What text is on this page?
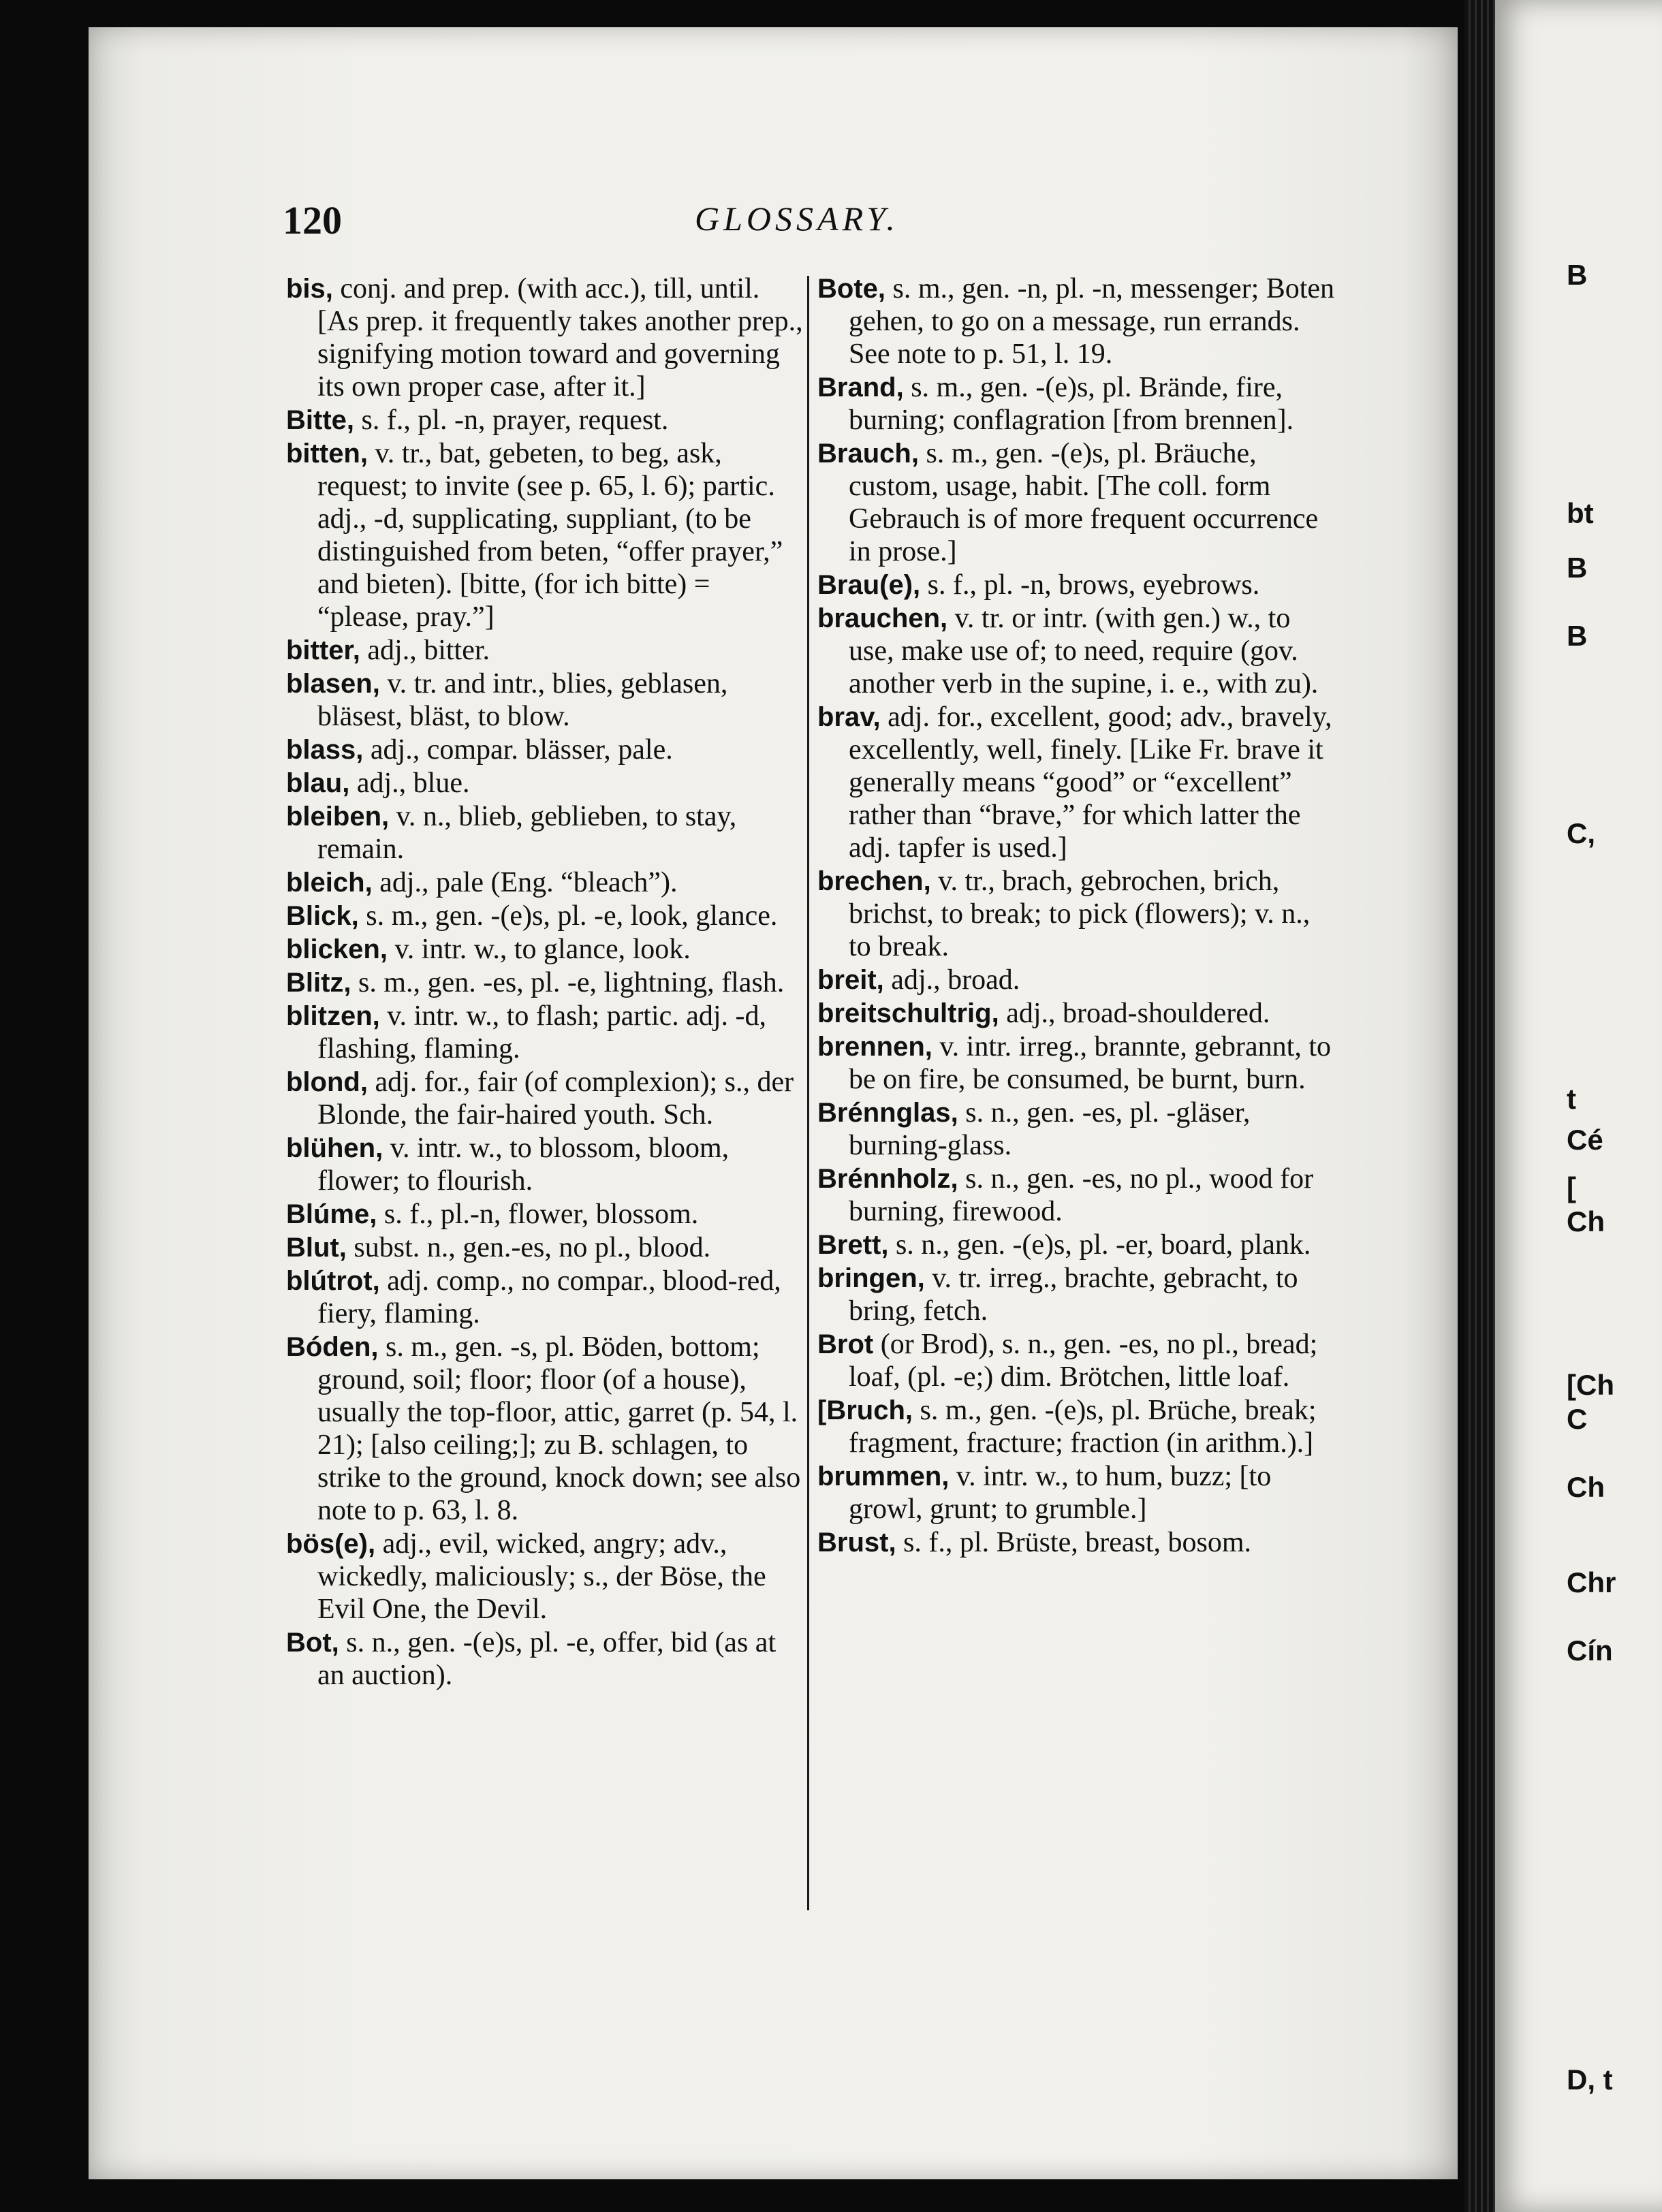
120	GLOSSARY.
bis, conj. and prep. (with acc.), till, until. [As prep. it frequently takes another prep., signifying motion toward and governing its own proper case, after it.]
Bitte, s. f., pl. -n, prayer, request.
bitten, v. tr., bat, gebeten, to beg, ask, request; to invite (see p. 65, l. 6); partic. adj., -d, supplicating, suppliant, (to be distinguished from beten, “offer prayer,” and bieten). [bitte, (for ich bitte) = “please, pray.”]
bitter, adj., bitter.
blasen, v. tr. and intr., blies, geblasen, bläsest, bläst, to blow.
blass, adj., compar. blässer, pale.
blau, adj., blue.
bleiben, v. n., blieb, geblieben, to stay, remain.
bleich, adj., pale (Eng. “bleach”).
Blick, s. m., gen. -(e)s, pl. -e, look, glance.
blicken, v. intr. w., to glance, look.
Blitz, s. m., gen. -es, pl. -e, lightning, flash.
blitzen, v. intr. w., to flash; partic. adj. -d, flashing, flaming.
blond, adj. for., fair (of complexion); s., der Blonde, the fair-haired youth. Sch.
blühen, v. intr. w., to blossom, bloom, flower; to flourish.
Blúme, s. f., pl.-n, flower, blossom.
Blut, subst. n., gen.-es, no pl., blood.
blútrot, adj. comp., no compar., blood-red, fiery, flaming.
Bóden, s. m., gen. -s, pl. Böden, bottom; ground, soil; floor; floor (of a house), usually the top-floor, attic, garret (p. 54, l. 21); [also ceiling;]; zu B. schlagen, to strike to the ground, knock down; see also note to p. 63, l. 8.
bös(e), adj., evil, wicked, angry; adv., wickedly, maliciously; s., der Böse, the Evil One, the Devil.
Bot, s. n., gen. -(e)s, pl. -e, offer, bid (as at an auction).
Bote, s. m., gen. -n, pl. -n, messenger; Boten gehen, to go on a message, run errands. See note to p. 51, l. 19.
Brand, s. m., gen. -(e)s, pl. Brände, fire, burning; conflagration [from brennen].
Brauch, s. m., gen. -(e)s, pl. Bräuche, custom, usage, habit. [The coll. form Gebrauch is of more frequent occurrence in prose.]
Brau(e), s. f., pl. -n, brows, eyebrows.
brauchen, v. tr. or intr. (with gen.) w., to use, make use of; to need, require (gov. another verb in the supine, i. e., with zu).
brav, adj. for., excellent, good; adv., bravely, excellently, well, finely. [Like Fr. brave it generally means “good” or “excellent” rather than “brave,” for which latter the adj. tapfer is used.]
brechen, v. tr., brach, gebrochen, brich, brichst, to break; to pick (flowers); v. n., to break.
breit, adj., broad.
breitschultrig, adj., broad-shouldered.
brennen, v. intr. irreg., brannte, gebrannt, to be on fire, be consumed, be burnt, burn.
Brénnglas, s. n., gen. -es, pl. -gläser, burning-glass.
Brénnholz, s. n., gen. -es, no pl., wood for burning, firewood.
Brett, s. n., gen. -(e)s, pl. -er, board, plank.
bringen, v. tr. irreg., brachte, gebracht, to bring, fetch.
Brot (or Brod), s. n., gen. -es, no pl., bread; loaf, (pl. -e;) dim. Brötchen, little loaf.
[Bruch, s. m., gen. -(e)s, pl. Brüche, break; fragment, fracture; fraction (in arithm.).]
brummen, v. intr. w., to hum, buzz; [to growl, grunt; to grumble.]
Brust, s. f., pl. Brüste, breast, bosom.
B
bt
B
B
C,
t
Cé
[
Ch
[Ch
C
Ch
Chr
Cín
D, t
